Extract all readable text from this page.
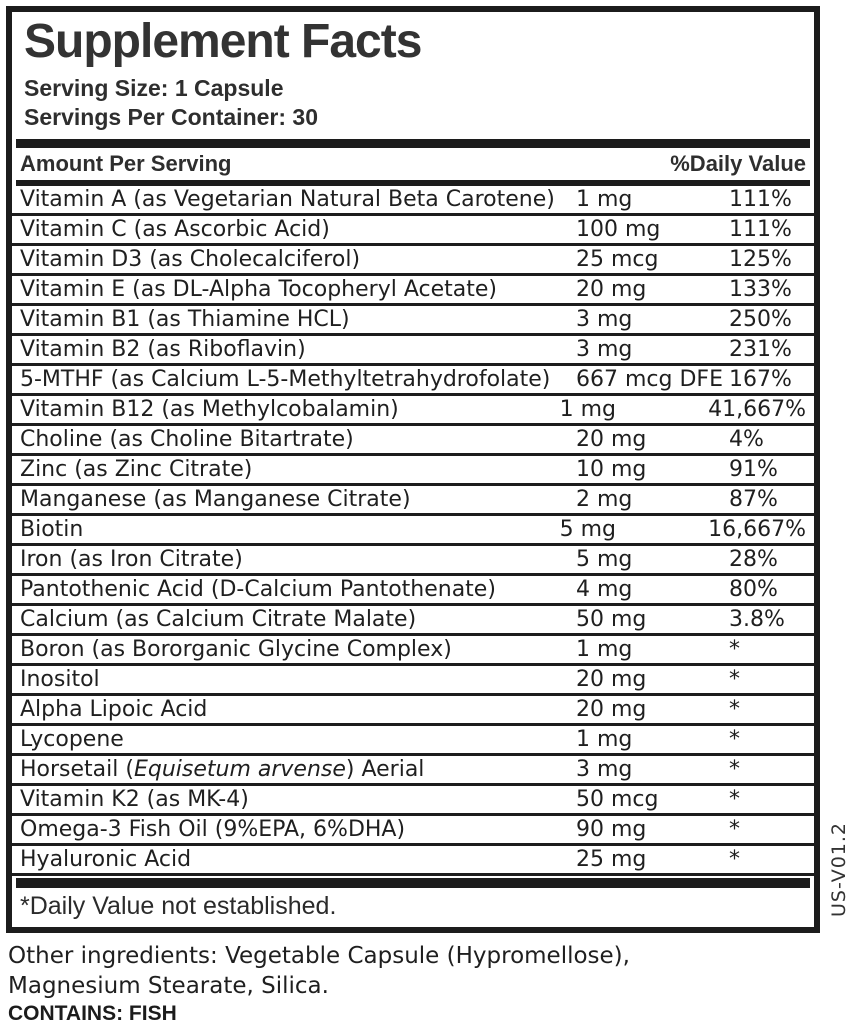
Supplement Facts
Serving Size: 1 Capsule
Servings Per Container: 30
Amount Per Serving	%Daily Value
Vitamin A (as Vegetarian Natural Beta Carotene) 1 mg	111%
Vitamin C (as Ascorbic Acid)	100 mg	111%
Vitamin D3 (as Cholecalciferol)	25 mcg	125%
Vitamin E (as DL-Alpha Tocopheryl Acetate)	20 mg	133%
Vitamin B1 (as Thiamine HCL)	3 mg	250%
Vitamin B2 (as Riboflavin)	3 mg	231%
5-MTHF (as Calcium L-5-Methyltetrahydrofolate)	667 mcg DFE 167%
Vitamin B12 (as Methylcobalamin)	1 mg	41,667%
Choline (as Choline Bitartrate)	20 mg	4%
Zinc (as Zinc Citrate)	10 mg	91%
Manganese (as Manganese Citrate)	2 mg	87%
Biotin	5 mg	16,667%
Iron (as Iron Citrate)	5 mg	28%
Pantothenic Acid (D-Calcium Pantothenate)	4 mg	80%
Calcium (as Calcium Citrate Malate)	50 mg	3.8%
Boron (as Bororganic Glycine Complex)	1 mg	*
Inositol	20 mg	*
Alpha Lipoic Acid	20 mg	*
Lycopene	1 mg	*
Horsetail (Equisetum arvense) Aerial	3 mg	*
Vitamin K2 (as MK-4)	50 mcg	*
Omega-3 Fish Oil (9%EPA, 6%DHA)	90 mg	*
Hyaluronic Acid	25 mg	*
*Daily Value not established.
Other ingredients: Vegetable Capsule (Hypromellose), Magnesium Stearate, Silica.
CONTAINS: FISH
US-V01.2
